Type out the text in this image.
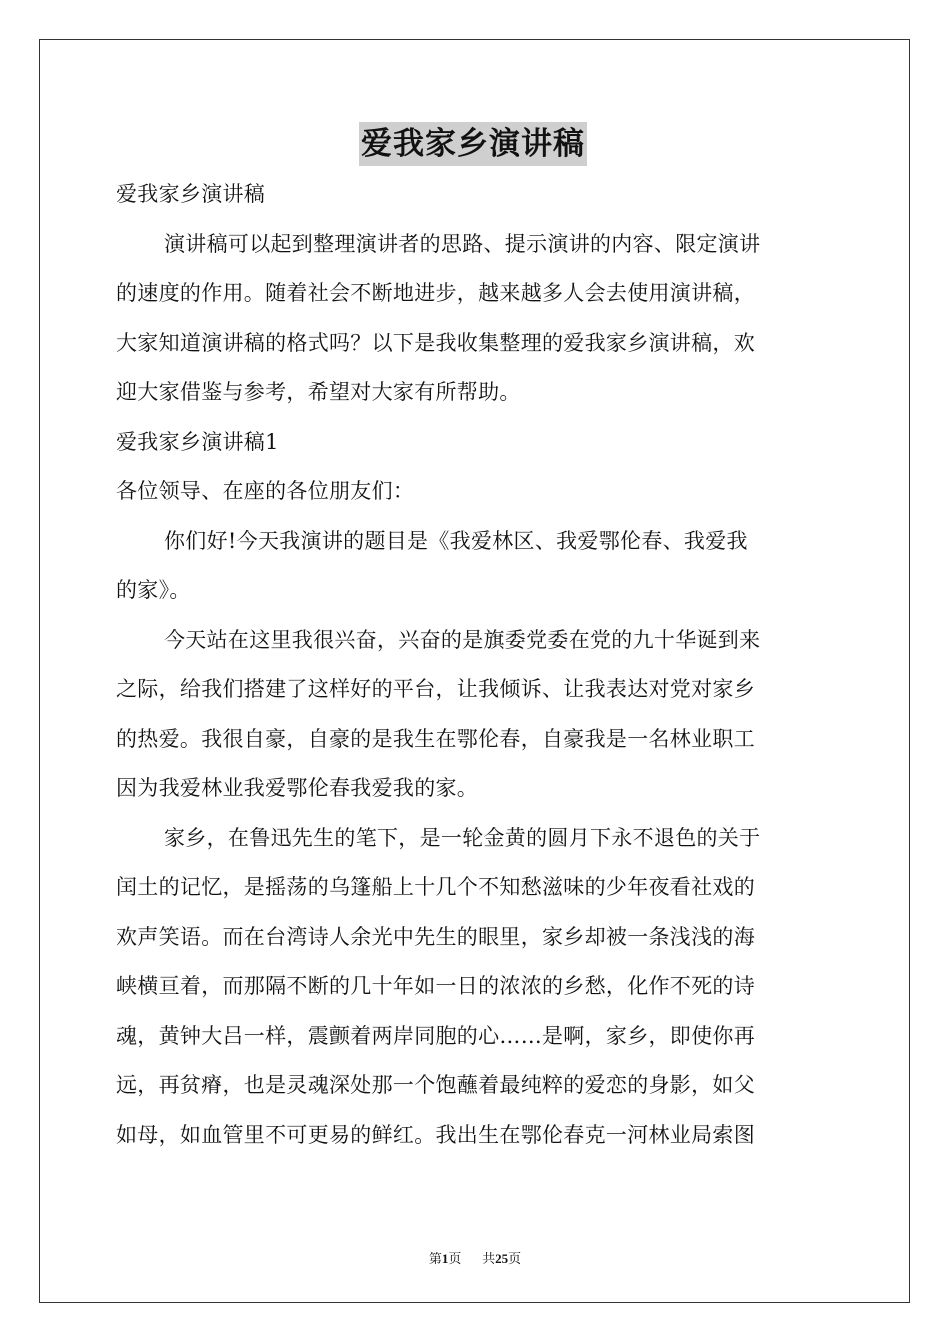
爱我家乡演讲稿
爱我家乡演讲稿
演讲稿可以起到整理演讲者的思路、提示演讲的内容、限定演讲
的速度的作用。随着社会不断地进步，越来越多人会去使用演讲稿，
大家知道演讲稿的格式吗？以下是我收集整理的爱我家乡演讲稿，欢
迎大家借鉴与参考，希望对大家有所帮助。
爱我家乡演讲稿1
各位领导、在座的各位朋友们：
你们好!今天我演讲的题目是《我爱林区、我爱鄂伦春、我爱我
的家》。
今天站在这里我很兴奋，兴奋的是旗委党委在党的九十华诞到来
之际，给我们搭建了这样好的平台，让我倾诉、让我表达对党对家乡
的热爱。我很自豪，自豪的是我生在鄂伦春，自豪我是一名林业职工
因为我爱林业我爱鄂伦春我爱我的家。
家乡，在鲁迅先生的笔下，是一轮金黄的圆月下永不退色的关于
闰土的记忆，是摇荡的乌篷船上十几个不知愁滋味的少年夜看社戏的
欢声笑语。而在台湾诗人余光中先生的眼里，家乡却被一条浅浅的海
峡横亘着，而那隔不断的几十年如一日的浓浓的乡愁，化作不死的诗
魂，黄钟大吕一样，震颤着两岸同胞的心……是啊，家乡，即使你再
远，再贫瘠，也是灵魂深处那一个饱蘸着最纯粹的爱恋的身影，如父
如母，如血管里不可更易的鲜红。我出生在鄂伦春克一河林业局索图
第1页 共25页
